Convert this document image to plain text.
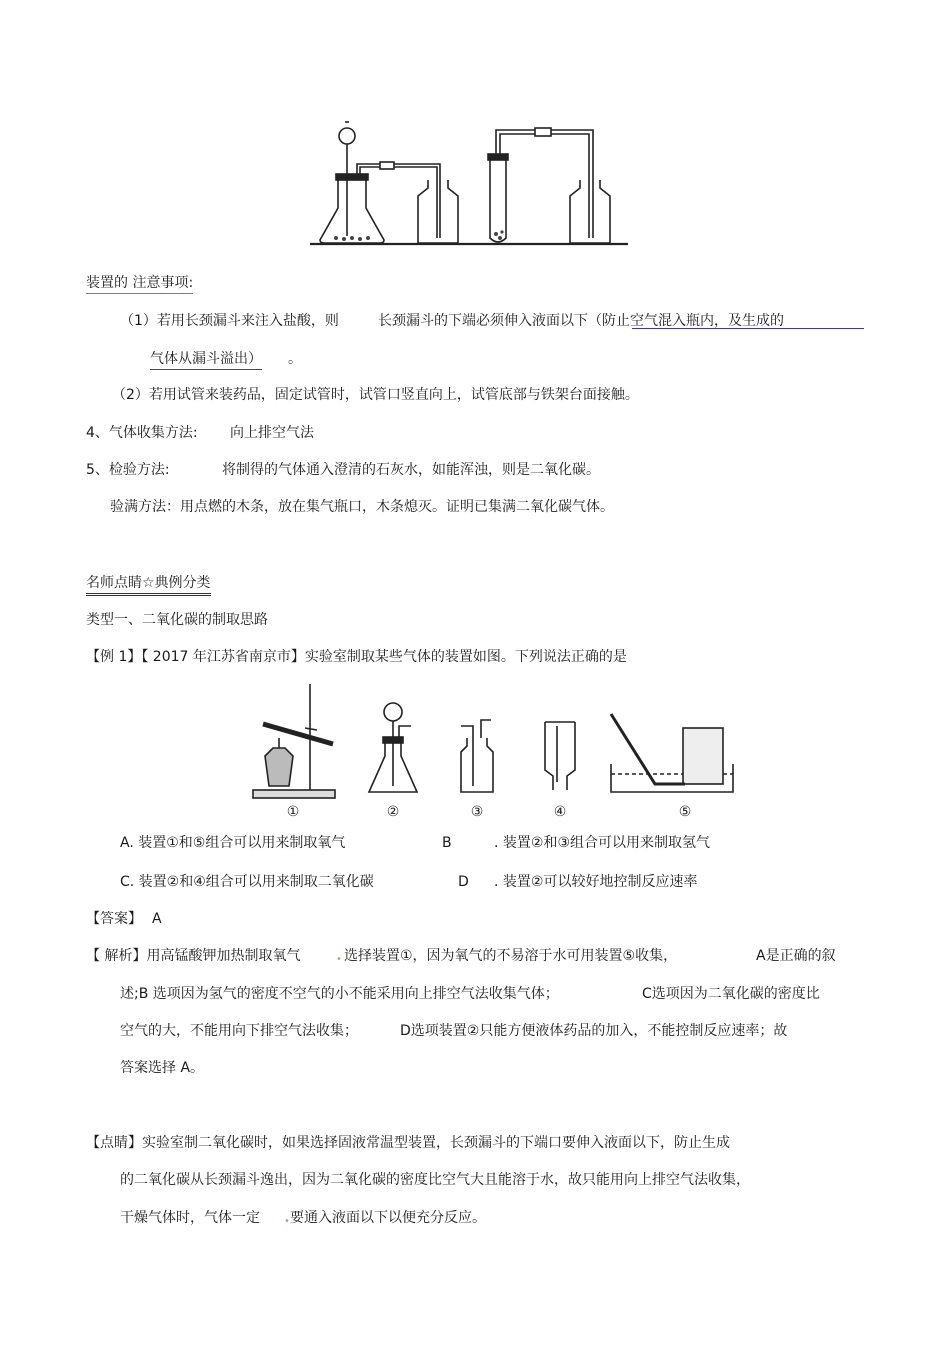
装置的 注意事项:
（1）若用长颈漏斗来注入盐酸，则	长颈漏斗的下端必须伸入液面以下（防止空气混入瓶内，及生成的
气体从漏斗溢出） 。
（2）若用试管来装药品，固定试管时，试管口竖直向上，试管底部与铁架台面接触。
4、气体收集方法: 向上排空气法
5、检验方法:	将制得的气体通入澄清的石灰水，如能浑浊，则是二氧化碳。
验满方法：用点燃的木条，放在集气瓶口，木条熄灭。证明已集满二氧化碳气体。
名师点睛☆典例分类
类型一、二氧化碳的制取思路
【例 1】【 2017 年江苏省南京市】实验室制取某些气体的装置如图。下列说法正确的是
①	②	③	④	⑤
A. 装置①和⑤组合可以用来制取氧气	B	. 装置②和③组合可以用来制取氢气
C. 装置②和④组合可以用来制取二氧化碳	D . 装置②可以较好地控制反应速率
【答案】 A
【 解析】用高锰酸钾加热制取氧气	• 选择装置①，因为氧气的不易溶于水可用装置⑤收集，	A是正确的叙
述;B 选项因为氢气的密度不空气的小不能采用向上排空气法收集气体；	C选项因为二氧化碳的密度比
空气的大，不能用向下排空气法收集；	D选项装置②只能方便液体药品的加入，不能控制反应速率；故
答案选择 A。
【点睛】实验室制二氧化碳时，如果选择固液常温型装置，长颈漏斗的下端口要伸入液面以下，防止生成
的二氧化碳从长颈漏斗逸出，因为二氧化碳的密度比空气大且能溶于水，故只能用向上排空气法收集，
干燥气体时，气体一定 • 要通入液面以下以便充分反应。
